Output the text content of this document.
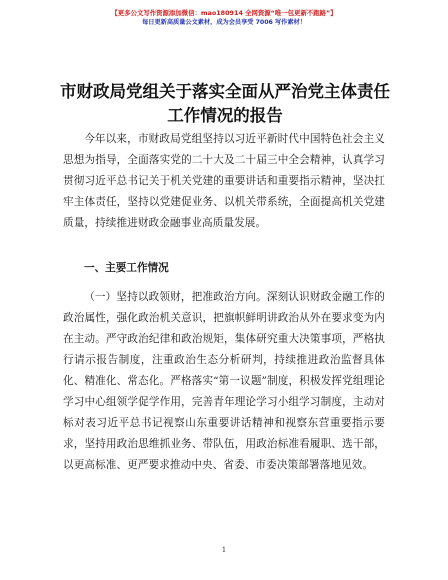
【更多公文写作资源添加微信：mao180914 全网资源“唯一包更新不跑路”】
每日更新高质量公文素材，成为会员享受 7006 写作素材！
市财政局党组关于落实全面从严治党主体责任工作情况的报告
今年以来，市财政局党组坚持以习近平新时代中国特色社会主义思想为指导，全面落实党的二十大及二十届三中全会精神，认真学习贯彻习近平总书记关于机关党建的重要讲话和重要指示精神，坚决扛牢主体责任，坚持以党建促业务、以机关带系统，全面提高机关党建质量，持续推进财政金融事业高质量发展。
一、主要工作情况
（一）坚持以政领财，把准政治方向。深刻认识财政金融工作的政治属性，强化政治机关意识，把旗帜鲜明讲政治从外在要求变为内在主动。严守政治纪律和政治规矩，集体研究重大决策事项，严格执行请示报告制度，注重政治生态分析研判，持续推进政治监督具体化、精准化、常态化。严格落实“第一议题”制度，积极发挥党组理论学习中心组领学促学作用，完善青年理论学习小组学习制度，主动对标对表习近平总书记视察山东重要讲话精神和视察东营重要指示要求，坚持用政治思维抓业务、带队伍，用政治标准看履职、选干部，以更高标准、更严要求推动中央、省委、市委决策部署落地见效。
1
